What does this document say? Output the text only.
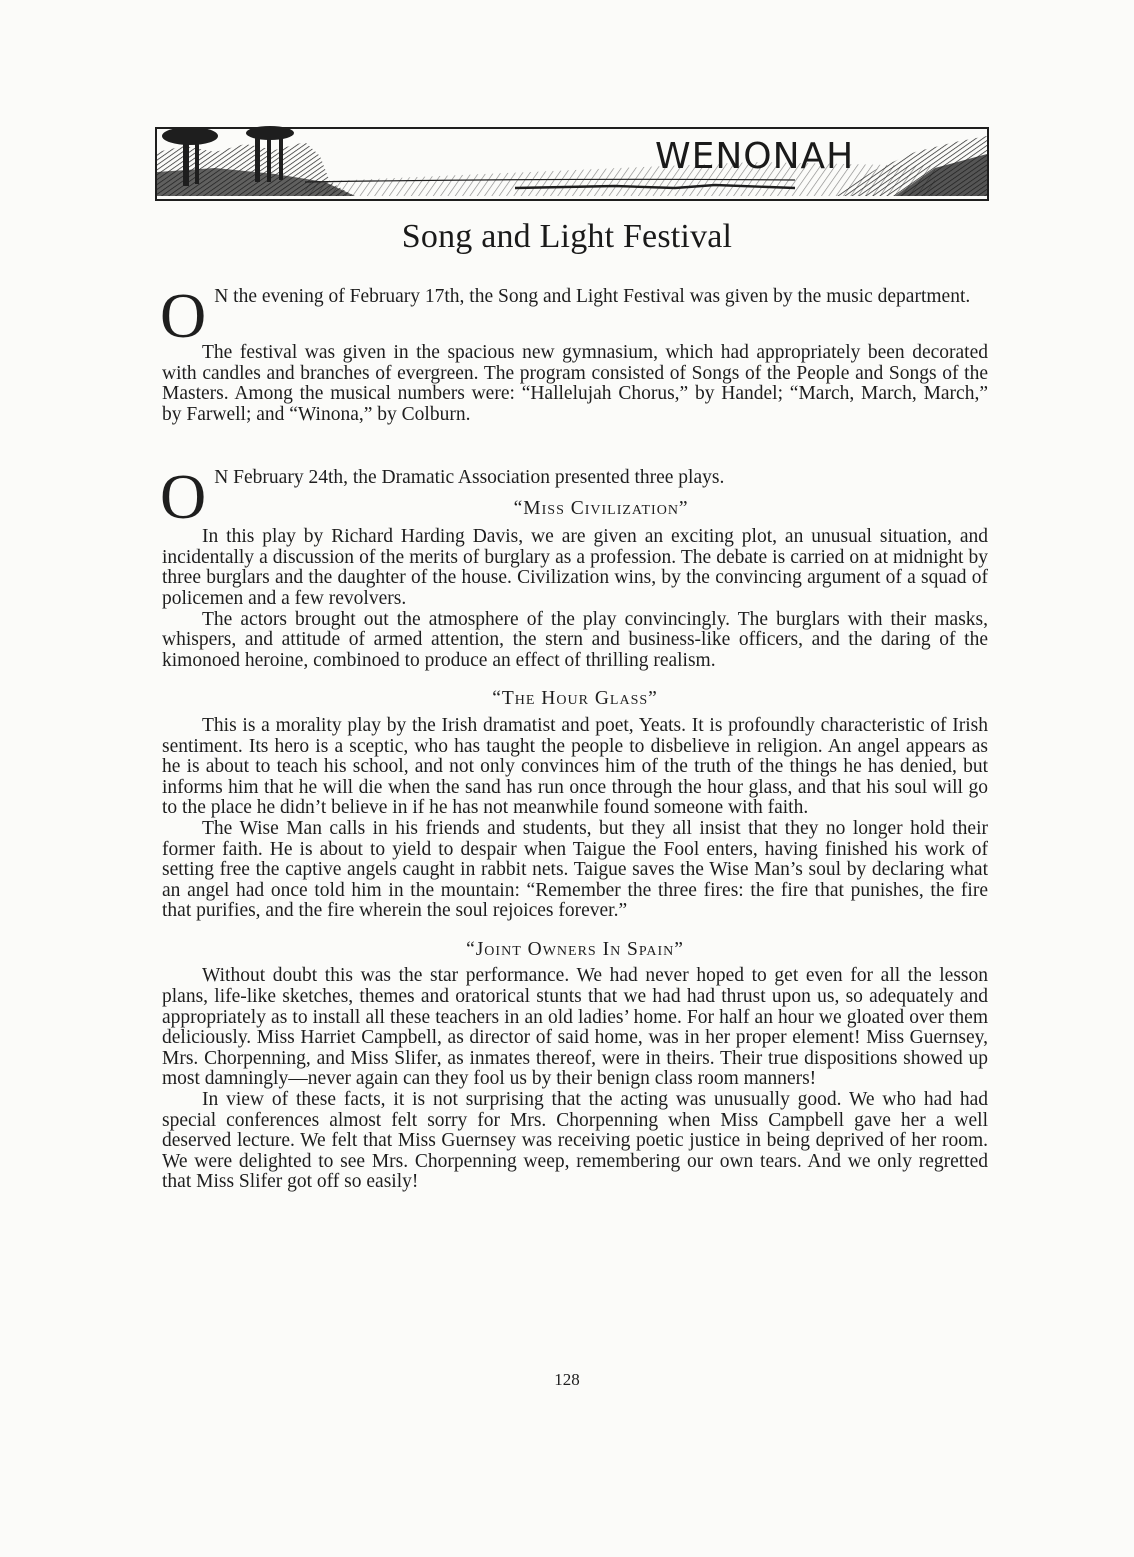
WENONAH
Song and Light Festival

O N the evening of February 17th, the Song and Light Festival was given by the music department.

The festival was given in the spacious new gymnasium, which had appropriately been decorated with candles and branches of evergreen. The program consisted of Songs of the People and Songs of the Masters. Among the musical numbers were: “Hallelujah Chorus,” by Handel; “March, March, March,” by Farwell; and “Winona,” by Colburn.

O N February 24th, the Dramatic Association presented three plays.

“Miss Civilization”

In this play by Richard Harding Davis, we are given an exciting plot, an unusual situation, and incidentally a discussion of the merits of burglary as a profession. The debate is carried on at midnight by three burglars and the daughter of the house. Civilization wins, by the convincing argument of a squad of policemen and a few revolvers.

The actors brought out the atmosphere of the play convincingly. The burglars with their masks, whispers, and attitude of armed attention, the stern and business-like officers, and the daring of the kimonoed heroine, combinoed to produce an effect of thrilling realism.

“The Hour Glass”

This is a morality play by the Irish dramatist and poet, Yeats. It is profoundly characteristic of Irish sentiment. Its hero is a sceptic, who has taught the people to disbelieve in religion. An angel appears as he is about to teach his school, and not only convinces him of the truth of the things he has denied, but informs him that he will die when the sand has run once through the hour glass, and that his soul will go to the place he didn’t believe in if he has not meanwhile found someone with faith.

The Wise Man calls in his friends and students, but they all insist that they no longer hold their former faith. He is about to yield to despair when Taigue the Fool enters, having finished his work of setting free the captive angels caught in rabbit nets. Taigue saves the Wise Man’s soul by declaring what an angel had once told him in the mountain: “Remember the three fires: the fire that punishes, the fire that purifies, and the fire wherein the soul rejoices forever.”

“Joint Owners In Spain”

Without doubt this was the star performance. We had never hoped to get even for all the lesson plans, life-like sketches, themes and oratorical stunts that we had had thrust upon us, so adequately and appropriately as to install all these teachers in an old ladies’ home. For half an hour we gloated over them deliciously. Miss Harriet Campbell, as director of said home, was in her proper element! Miss Guernsey, Mrs. Chorpenning, and Miss Slifer, as inmates thereof, were in theirs. Their true dispositions showed up most damningly—never again can they fool us by their benign class room manners!

In view of these facts, it is not surprising that the acting was unusually good. We who had had special conferences almost felt sorry for Mrs. Chorpenning when Miss Campbell gave her a well deserved lecture. We felt that Miss Guernsey was receiving poetic justice in being deprived of her room. We were delighted to see Mrs. Chorpenning weep, remembering our own tears. And we only regretted that Miss Slifer got off so easily!

128
